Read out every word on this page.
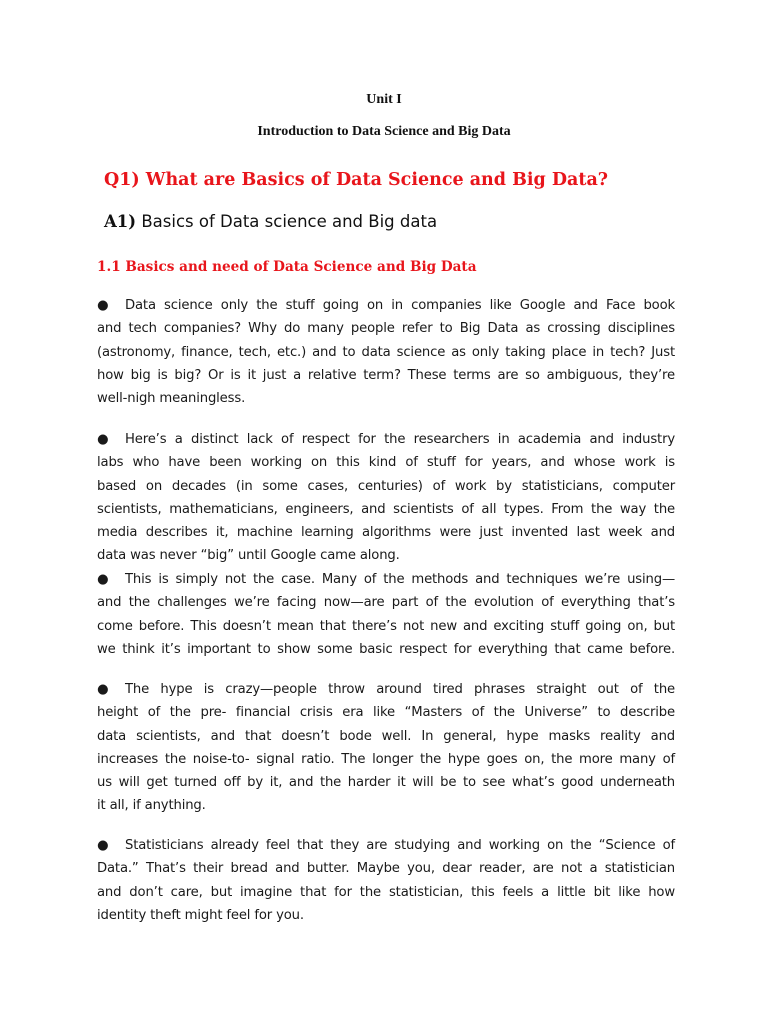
Unit I
Introduction to Data Science and Big Data
Q1) What are Basics of Data Science and Big Data?
A1) Basics of Data science and Big data
1.1 Basics and need of Data Science and Big Data
● Data science only the stuff going on in companies like Google and Face book
and tech companies? Why do many people refer to Big Data as crossing disciplines
(astronomy, finance, tech, etc.) and to data science as only taking place in tech? Just
how big is big? Or is it just a relative term? These terms are so ambiguous, they’re
well-nigh meaningless.
● Here’s a distinct lack of respect for the researchers in academia and industry
labs who have been working on this kind of stuff for years, and whose work is
based on decades (in some cases, centuries) of work by statisticians, computer
scientists, mathematicians, engineers, and scientists of all types. From the way the
media describes it, machine learning algorithms were just invented last week and
data was never “big” until Google came along.
● This is simply not the case. Many of the methods and techniques we’re using—
and the challenges we’re facing now—are part of the evolution of everything that’s
come before. This doesn’t mean that there’s not new and exciting stuff going on, but
we think it’s important to show some basic respect for everything that came before.
● The hype is crazy—people throw around tired phrases straight out of the
height of the pre- financial crisis era like “Masters of the Universe” to describe
data scientists, and that doesn’t bode well. In general, hype masks reality and
increases the noise-to- signal ratio. The longer the hype goes on, the more many of
us will get turned off by it, and the harder it will be to see what’s good underneath
it all, if anything.
● Statisticians already feel that they are studying and working on the “Science of
Data.” That’s their bread and butter. Maybe you, dear reader, are not a statistician
and don’t care, but imagine that for the statistician, this feels a little bit like how
identity theft might feel for you.
